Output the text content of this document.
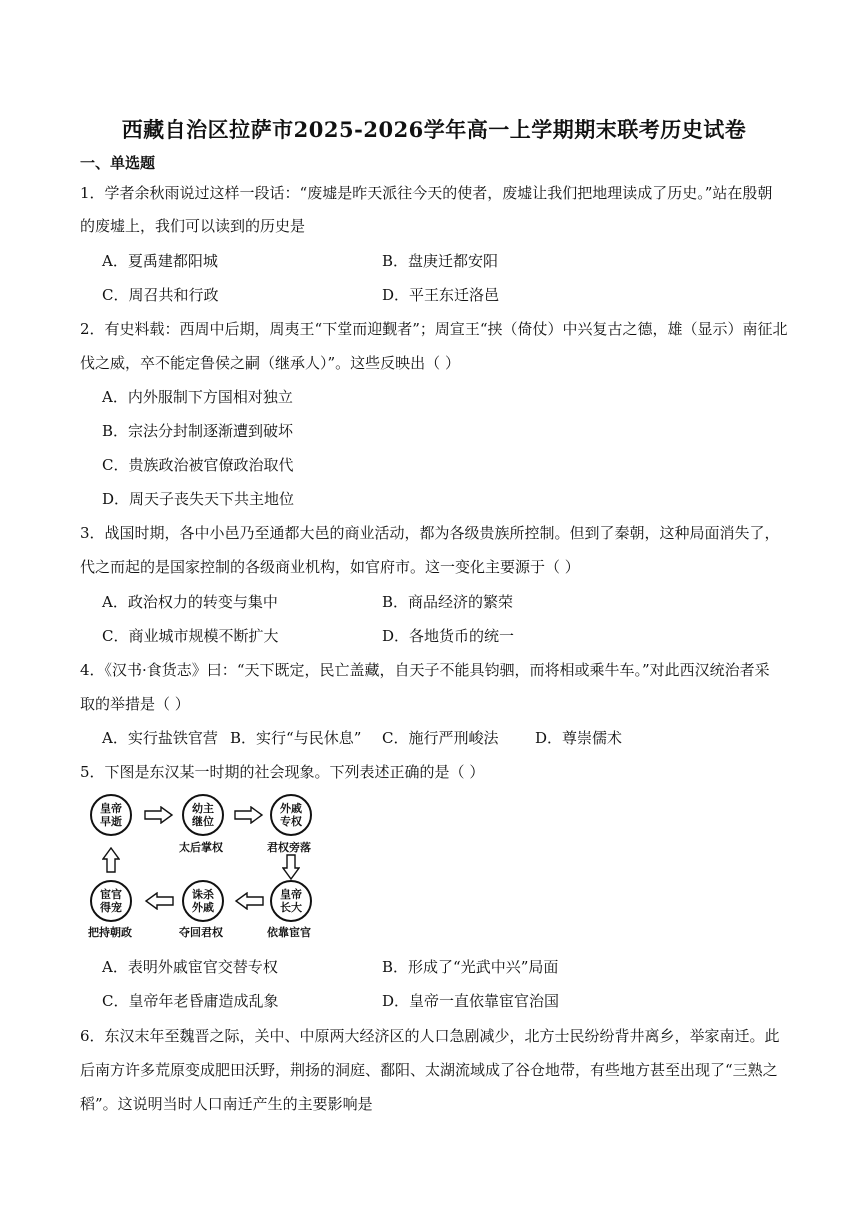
西藏自治区拉萨市2025-2026学年高一上学期期末联考历史试卷
一、单选题
1．学者余秋雨说过这样一段话：“废墟是昨天派往今天的使者，废墟让我们把地理读成了历史。”站在殷朝
的废墟上，我们可以读到的历史是
A．夏禹建都阳城	B．盘庚迁都安阳
C．周召共和行政	D．平王东迁洛邑
2．有史料载：西周中后期，周夷王“下堂而迎觐者”；周宣王“挟（倚仗）中兴复古之德，雄（显示）南征北
伐之威，卒不能定鲁侯之嗣（继承人）”。这些反映出（ ）
A．内外服制下方国相对独立
B．宗法分封制逐渐遭到破坏
C．贵族政治被官僚政治取代
D．周天子丧失天下共主地位
3．战国时期，各中小邑乃至通都大邑的商业活动，都为各级贵族所控制。但到了秦朝，这种局面消失了，
代之而起的是国家控制的各级商业机构，如官府市。这一变化主要源于（ ）
A．政治权力的转变与集中	B．商品经济的繁荣
C．商业城市规模不断扩大	D．各地货币的统一
4．《汉书·食货志》曰：“天下既定，民亡盖藏，自天子不能具钧驷，而将相或乘牛车。”对此西汉统治者采
取的举措是（ ）
A．实行盐铁官营 B．实行“与民休息” C．施行严刑峻法 D．尊崇儒术
5．下图是东汉某一时期的社会现象。下列表述正确的是（ ）
皇帝早逝
幼主继位
外戚专权
太后掌权	君权旁落
宦官得宠
诛杀外戚
皇帝长大
把持朝政	夺回君权	依靠宦官
A．表明外戚宦官交替专权	B．形成了“光武中兴”局面
C．皇帝年老昏庸造成乱象	D．皇帝一直依靠宦官治国
6．东汉末年至魏晋之际，关中、中原两大经济区的人口急剧减少，北方士民纷纷背井离乡，举家南迁。此
后南方许多荒原变成肥田沃野，荆扬的洞庭、鄱阳、太湖流域成了谷仓地带，有些地方甚至出现了“三熟之
稻”。这说明当时人口南迁产生的主要影响是
